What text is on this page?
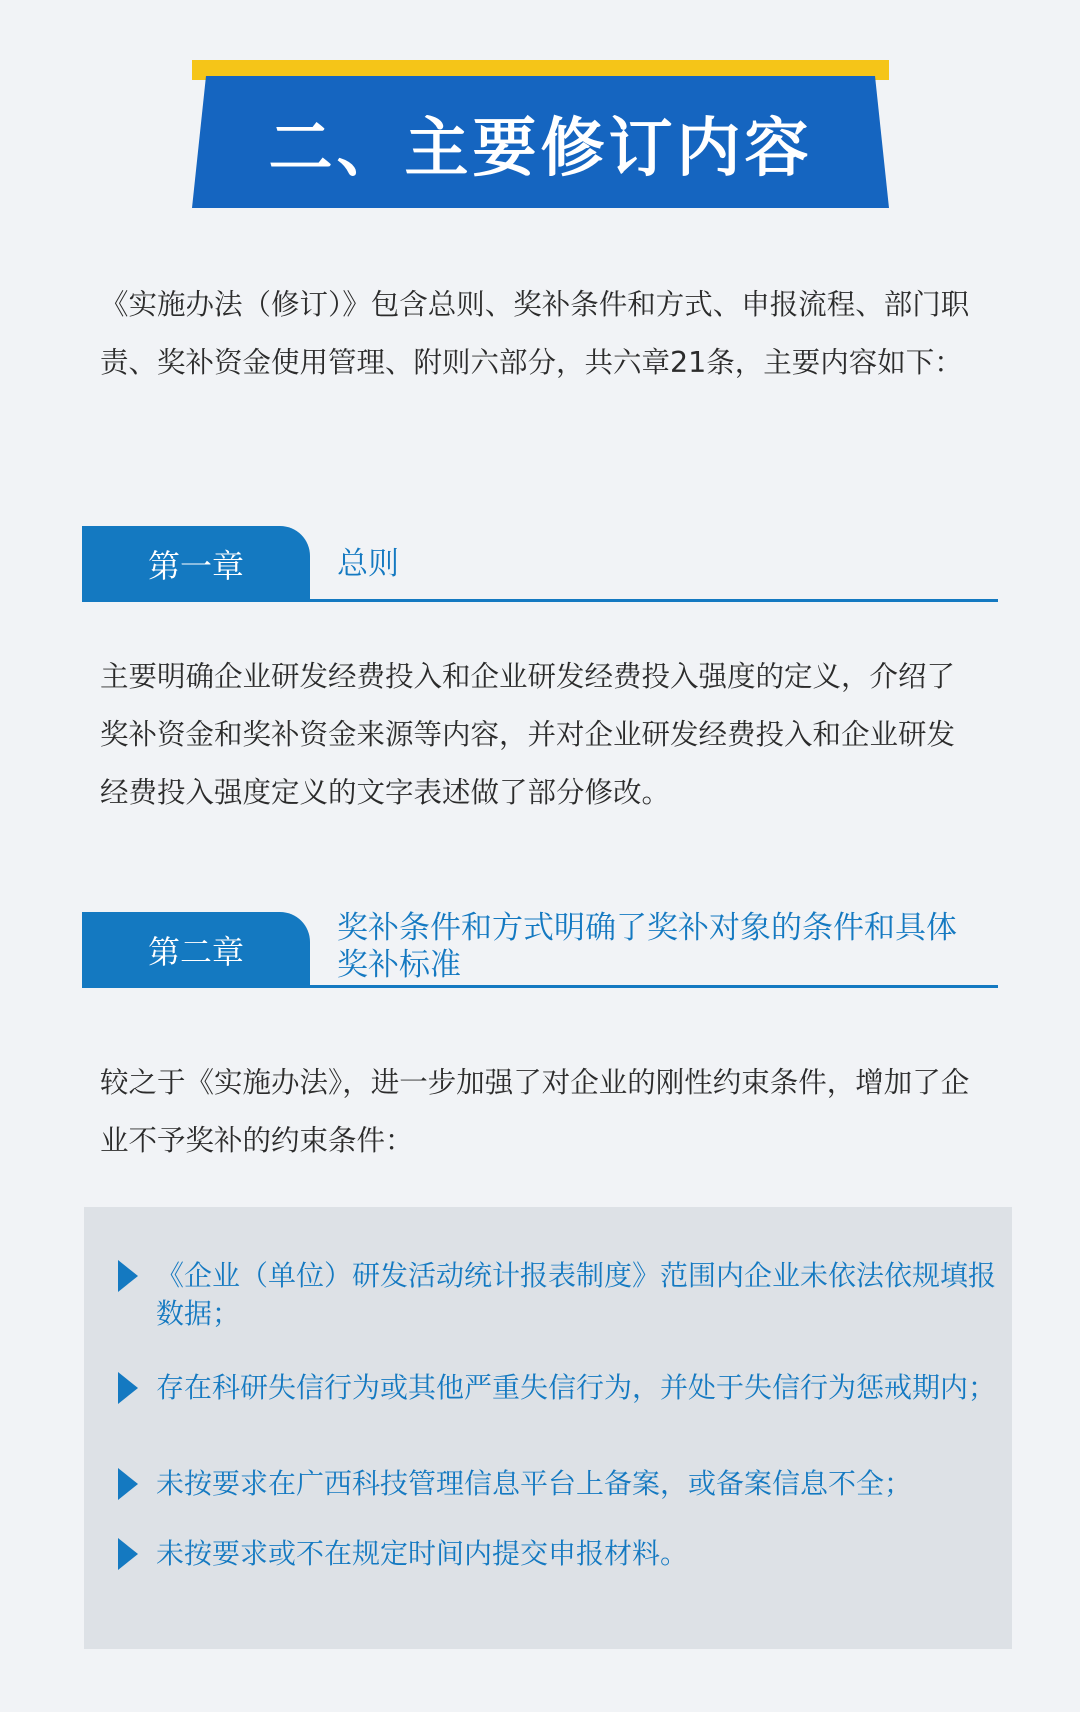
二、主要修订内容

《实施办法（修订）》包含总则、奖补条件和方式、申报流程、部门职责、奖补资金使用管理、附则六部分，共六章21条，主要内容如下：

第一章	总则

主要明确企业研发经费投入和企业研发经费投入强度的定义，介绍了奖补资金和奖补资金来源等内容，并对企业研发经费投入和企业研发经费投入强度定义的文字表述做了部分修改。

第二章
奖补条件和方式明确了奖补对象的条件和具体奖补标准

较之于《实施办法》，进一步加强了对企业的刚性约束条件，增加了企业不予奖补的约束条件：

《企业（单位）研发活动统计报表制度》范围内企业未依法依规填报数据；
存在科研失信行为或其他严重失信行为，并处于失信行为惩戒期内；
未按要求在广西科技管理信息平台上备案，或备案信息不全；
未按要求或不在规定时间内提交申报材料。
